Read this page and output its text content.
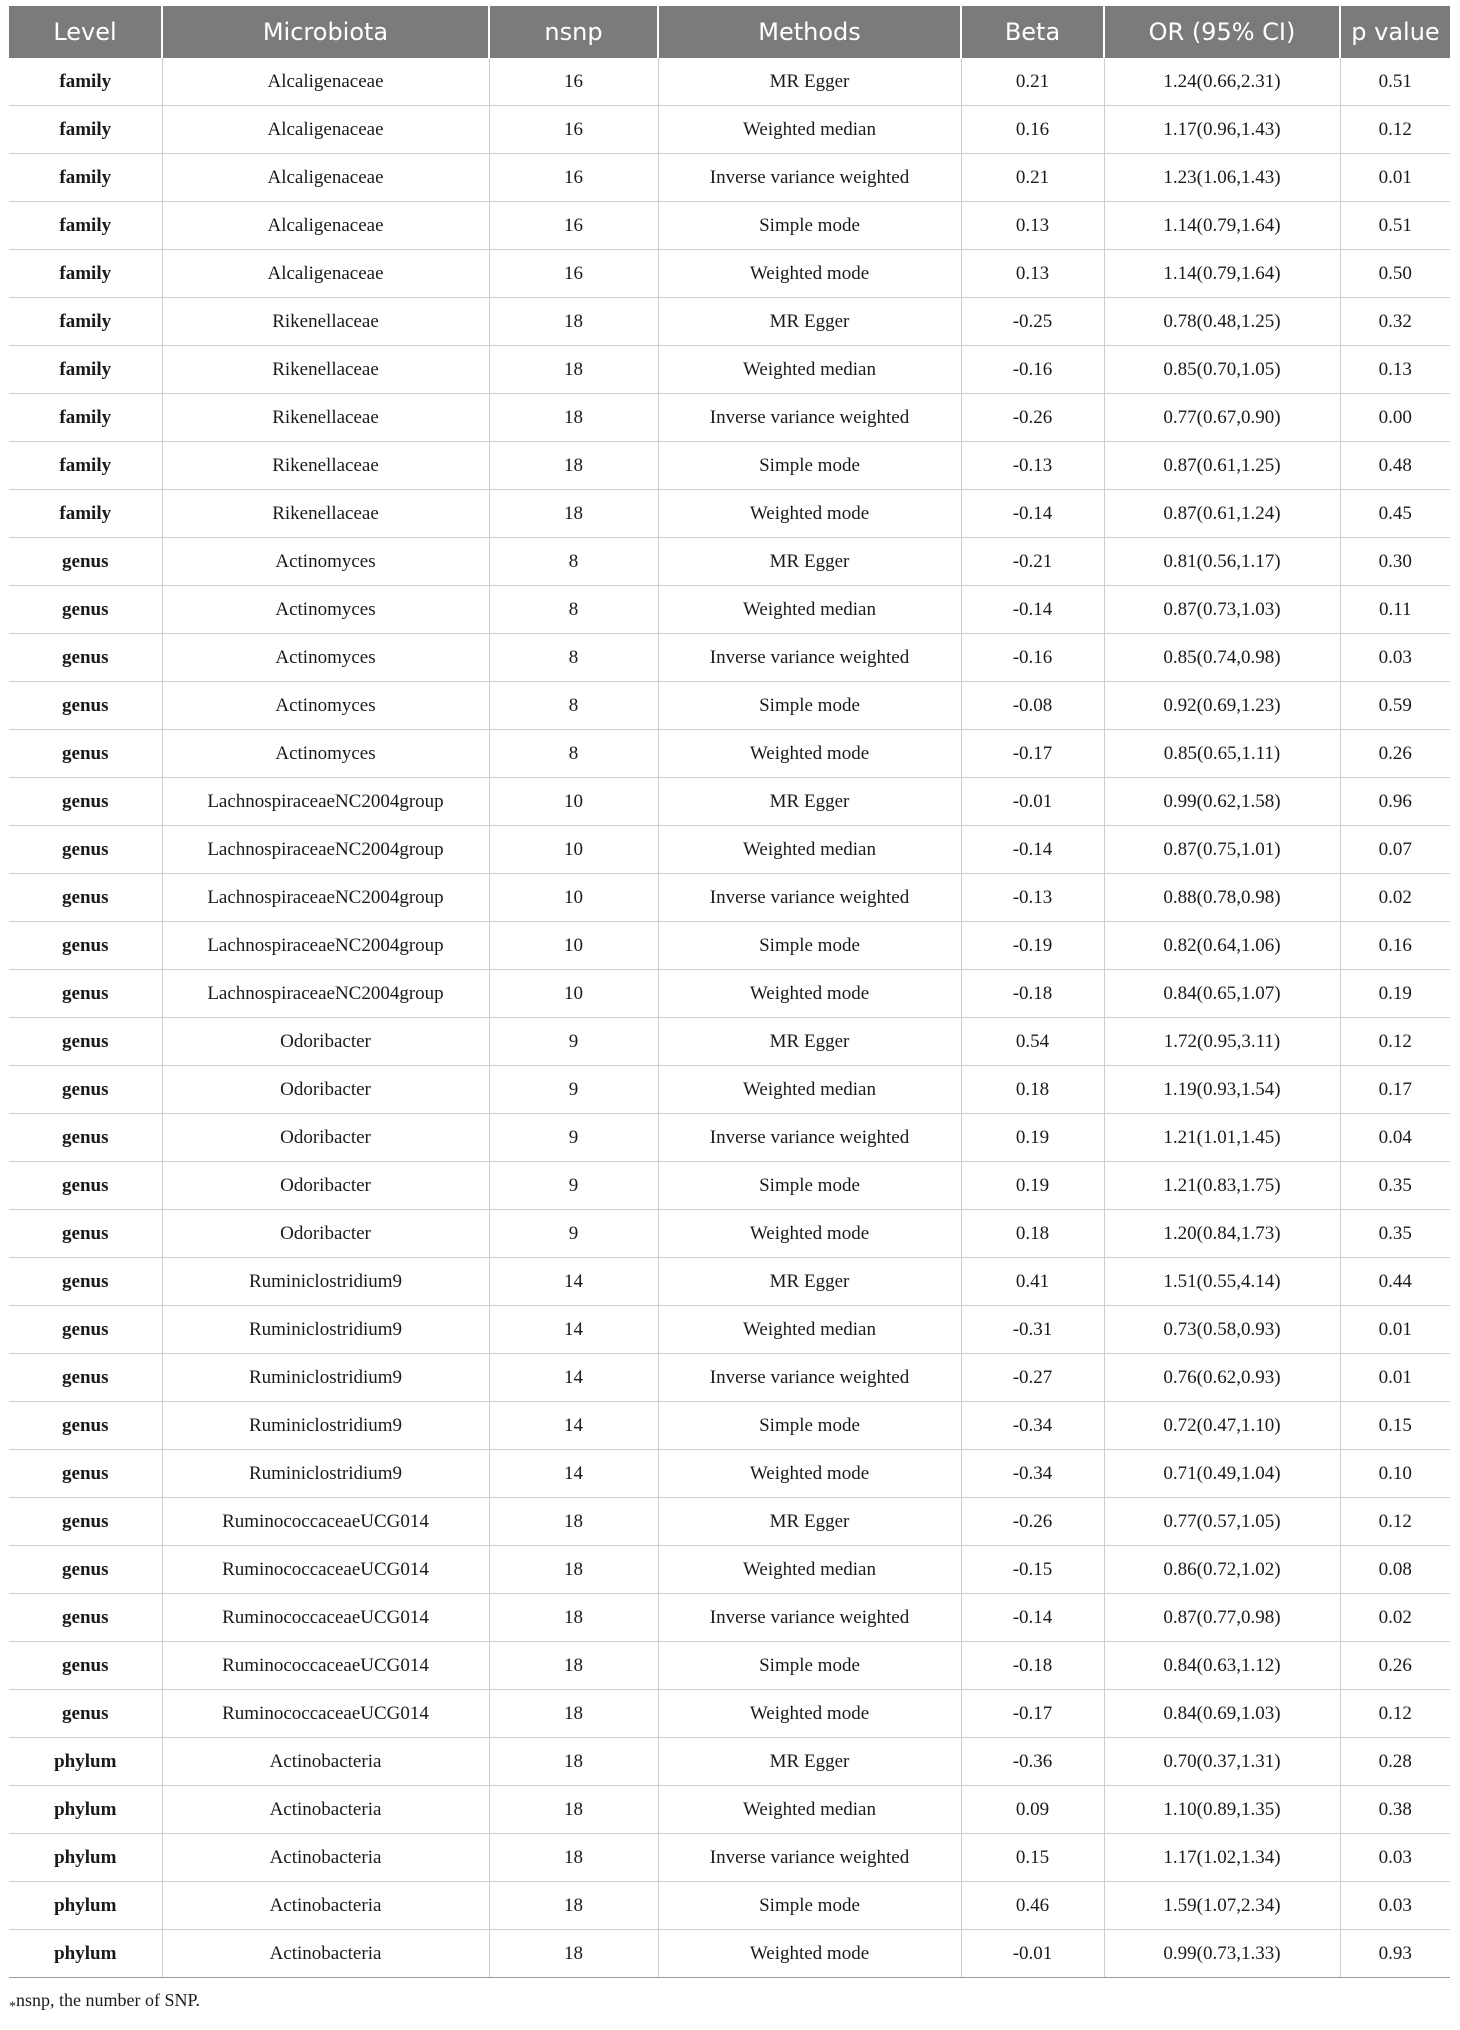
Level	Microbiota	nsnp	Methods	Beta	OR (95% CI)	p value
family	Alcaligenaceae	16	MR Egger	0.21	1.24(0.66,2.31)	0.51
family	Alcaligenaceae	16	Weighted median	0.16	1.17(0.96,1.43)	0.12
family	Alcaligenaceae	16	Inverse variance weighted	0.21	1.23(1.06,1.43)	0.01
family	Alcaligenaceae	16	Simple mode	0.13	1.14(0.79,1.64)	0.51
family	Alcaligenaceae	16	Weighted mode	0.13	1.14(0.79,1.64)	0.50
family	Rikenellaceae	18	MR Egger	-0.25	0.78(0.48,1.25)	0.32
family	Rikenellaceae	18	Weighted median	-0.16	0.85(0.70,1.05)	0.13
family	Rikenellaceae	18	Inverse variance weighted	-0.26	0.77(0.67,0.90)	0.00
family	Rikenellaceae	18	Simple mode	-0.13	0.87(0.61,1.25)	0.48
family	Rikenellaceae	18	Weighted mode	-0.14	0.87(0.61,1.24)	0.45
genus	Actinomyces	8	MR Egger	-0.21	0.81(0.56,1.17)	0.30
genus	Actinomyces	8	Weighted median	-0.14	0.87(0.73,1.03)	0.11
genus	Actinomyces	8	Inverse variance weighted	-0.16	0.85(0.74,0.98)	0.03
genus	Actinomyces	8	Simple mode	-0.08	0.92(0.69,1.23)	0.59
genus	Actinomyces	8	Weighted mode	-0.17	0.85(0.65,1.11)	0.26
genus	LachnospiraceaeNC2004group	10	MR Egger	-0.01	0.99(0.62,1.58)	0.96
genus	LachnospiraceaeNC2004group	10	Weighted median	-0.14	0.87(0.75,1.01)	0.07
genus	LachnospiraceaeNC2004group	10	Inverse variance weighted	-0.13	0.88(0.78,0.98)	0.02
genus	LachnospiraceaeNC2004group	10	Simple mode	-0.19	0.82(0.64,1.06)	0.16
genus	LachnospiraceaeNC2004group	10	Weighted mode	-0.18	0.84(0.65,1.07)	0.19
genus	Odoribacter	9	MR Egger	0.54	1.72(0.95,3.11)	0.12
genus	Odoribacter	9	Weighted median	0.18	1.19(0.93,1.54)	0.17
genus	Odoribacter	9	Inverse variance weighted	0.19	1.21(1.01,1.45)	0.04
genus	Odoribacter	9	Simple mode	0.19	1.21(0.83,1.75)	0.35
genus	Odoribacter	9	Weighted mode	0.18	1.20(0.84,1.73)	0.35
genus	Ruminiclostridium9	14	MR Egger	0.41	1.51(0.55,4.14)	0.44
genus	Ruminiclostridium9	14	Weighted median	-0.31	0.73(0.58,0.93)	0.01
genus	Ruminiclostridium9	14	Inverse variance weighted	-0.27	0.76(0.62,0.93)	0.01
genus	Ruminiclostridium9	14	Simple mode	-0.34	0.72(0.47,1.10)	0.15
genus	Ruminiclostridium9	14	Weighted mode	-0.34	0.71(0.49,1.04)	0.10
genus	RuminococcaceaeUCG014	18	MR Egger	-0.26	0.77(0.57,1.05)	0.12
genus	RuminococcaceaeUCG014	18	Weighted median	-0.15	0.86(0.72,1.02)	0.08
genus	RuminococcaceaeUCG014	18	Inverse variance weighted	-0.14	0.87(0.77,0.98)	0.02
genus	RuminococcaceaeUCG014	18	Simple mode	-0.18	0.84(0.63,1.12)	0.26
genus	RuminococcaceaeUCG014	18	Weighted mode	-0.17	0.84(0.69,1.03)	0.12
phylum	Actinobacteria	18	MR Egger	-0.36	0.70(0.37,1.31)	0.28
phylum	Actinobacteria	18	Weighted median	0.09	1.10(0.89,1.35)	0.38
phylum	Actinobacteria	18	Inverse variance weighted	0.15	1.17(1.02,1.34)	0.03
phylum	Actinobacteria	18	Simple mode	0.46	1.59(1.07,2.34)	0.03
phylum	Actinobacteria	18	Weighted mode	-0.01	0.99(0.73,1.33)	0.93
$_*$nsnp, the number of SNP.
